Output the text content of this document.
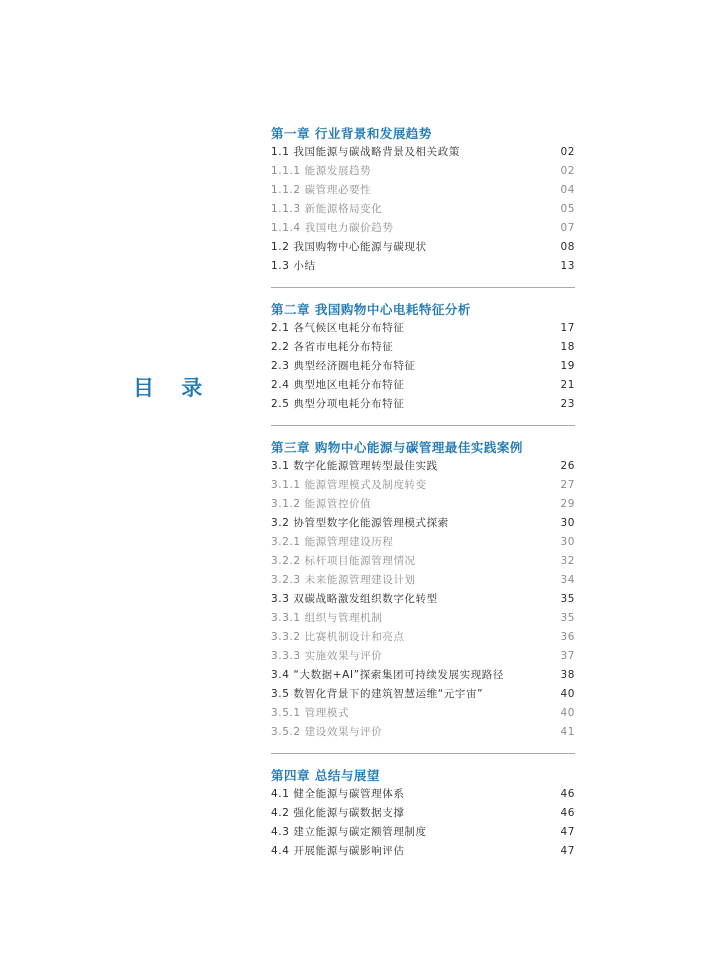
目 录
第一章 行业背景和发展趋势
1.1 我国能源与碳战略背景及相关政策	02
1.1.1 能源发展趋势	02
1.1.2 碳管理必要性	04
1.1.3 新能源格局变化	05
1.1.4 我国电力碳价趋势	07
1.2 我国购物中心能源与碳现状	08
1.3 小结	13
第二章 我国购物中心电耗特征分析
2.1 各气候区电耗分布特征	17
2.2 各省市电耗分布特征	18
2.3 典型经济圈电耗分布特征	19
2.4 典型地区电耗分布特征	21
2.5 典型分项电耗分布特征	23
第三章 购物中心能源与碳管理最佳实践案例
3.1 数字化能源管理转型最佳实践	26
3.1.1 能源管理模式及制度转变	27
3.1.2 能源管控价值	29
3.2 协管型数字化能源管理模式探索	30
3.2.1 能源管理建设历程	30
3.2.2 标杆项目能源管理情况	32
3.2.3 未来能源管理建设计划	34
3.3 双碳战略激发组织数字化转型	35
3.3.1 组织与管理机制	35
3.3.2 比赛机制设计和亮点	36
3.3.3 实施效果与评价	37
3.4 “大数据+AI”探索集团可持续发展实现路径	38
3.5 数智化背景下的建筑智慧运维“元宇宙”	40
3.5.1 管理模式	40
3.5.2 建设效果与评价	41
第四章 总结与展望
4.1 健全能源与碳管理体系	46
4.2 强化能源与碳数据支撑	46
4.3 建立能源与碳定额管理制度	47
4.4 开展能源与碳影响评估	47
